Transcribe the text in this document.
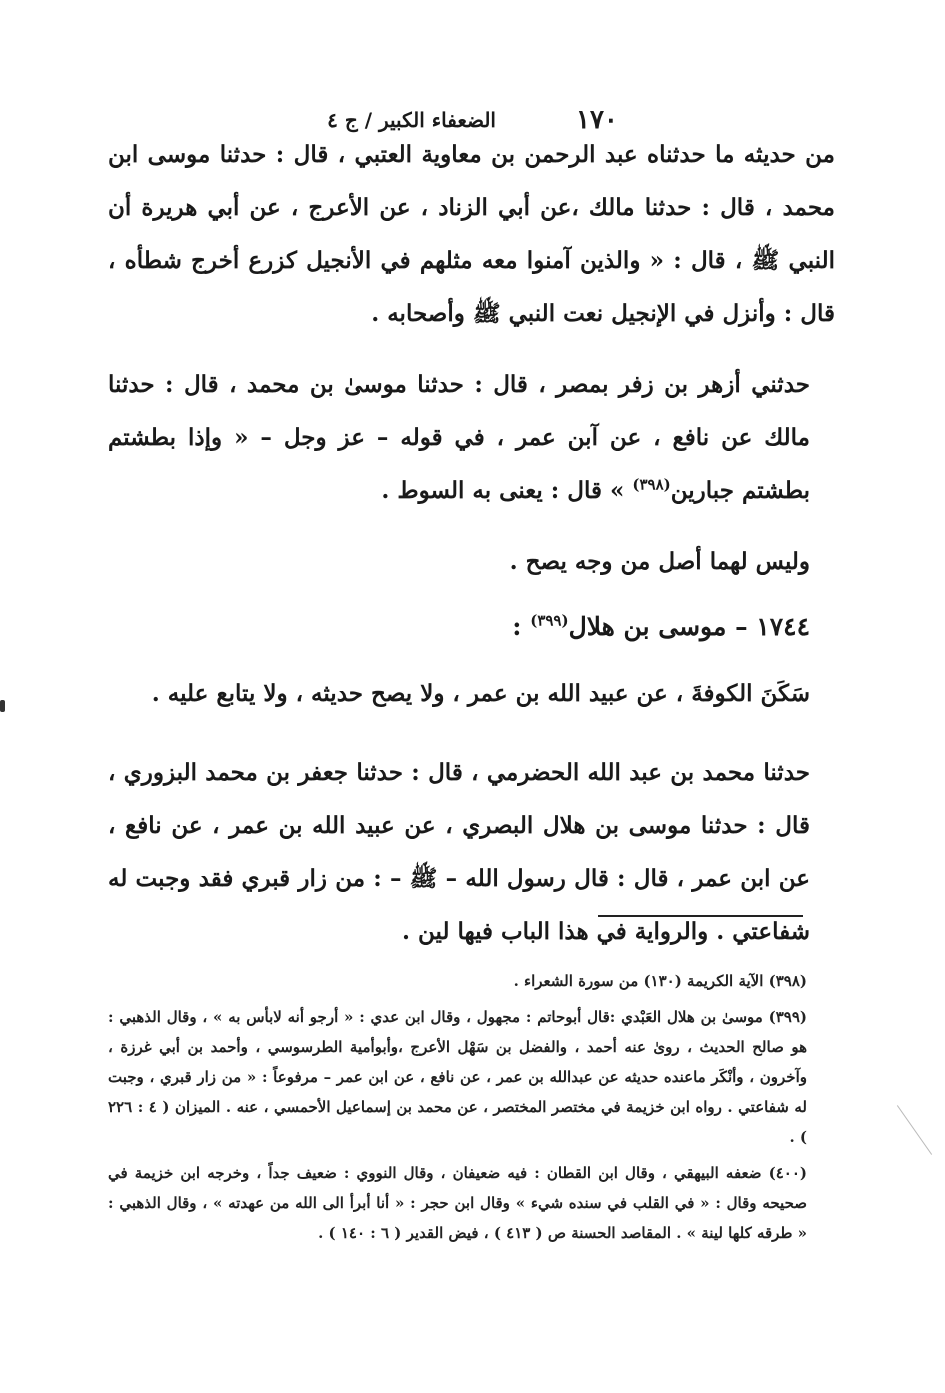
١٧٠
الضعفاء الكبير / ج ٤

من حديثه ما حدثناه عبد الرحمن بن معاوية العتبي ، قال : حدثنا موسى ابن محمد ، قال : حدثنا مالك ،عن أبي الزناد ، عن الأعرج ، عن أبي هريرة أن النبي ﷺ ، قال : « والذين آمنوا معه مثلهم في الأنجيل كزرع أخرج شطأه ، قال : وأنزل في الإنجيل نعت النبي ﷺ وأصحابه .

حدثني أزهر بن زفر بمصر ، قال : حدثنا موسىٰ بن محمد ، قال : حدثنا مالك عن نافع ، عن آبن عمر ، في قوله – عز وجل – « وإذا بطشتم بطشتم جبارين$^{(٣٩٨)}$ » قال : يعنى به السوط .

وليس لهما أصل من وجه يصح .

١٧٤٤ – موسى بن هلال$^{(٣٩٩)}$ :

سَكَنَ الكوفةَ ، عن عبيد الله بن عمر ، ولا يصح حديثه ، ولا يتابع عليه .

حدثنا محمد بن عبد الله الحضرمي ، قال : حدثنا جعفر بن محمد البزوري ، قال : حدثنا موسى بن هلال البصري ، عن عبيد الله بن عمر ، عن نافع ، عن ابن عمر ، قال : قال رسول الله – ﷺ – : من زار قبري فقد وجبت له شفاعتي . والرواية في هذا الباب فيها لين .

(٣٩٨) الآية الكريمة (١٣٠) من سورة الشعراء .

(٣٩٩) موسىٰ بن هلال العَبْدي :قال أبوحاتم : مجهول ، وقال ابن عدي : « أرجو أنه لابأس به » ، وقال الذهبي : هو صالح الحديث ، روىٰ عنه أحمد ، والفضل بن سَهْل الأعرج ،وأبوأمية الطرسوسي ، وأحمد بن أبي غرزة ، وآخرون ، وأنْكَر ماعنده حديثه عن عبدالله بن عمر ، عن نافع ، عن ابن عمر – مرفوعاً : « من زار قبري ، وجبت له شفاعتي . رواه ابن خزيمة في مختصر المختصر ، عن محمد بن إسماعيل الأحمسي ، عنه . الميزان ( ٤ : ٢٢٦ ) .

(٤٠٠) ضعفه البيهقي ، وقال ابن القطان : فيه ضعيفان ، وقال النووي : ضعيف جداً ، وخرجه ابن خزيمة في صحيحه وقال : « في القلب في سنده شيء » وقال ابن حجر : « أنا أبرأ الى الله من عهدته » ، وقال الذهبي : « طرقه كلها لينة » . المقاصد الحسنة ص ( ٤١٣ ) ، فيض القدير ( ٦ : ١٤٠ ) .
